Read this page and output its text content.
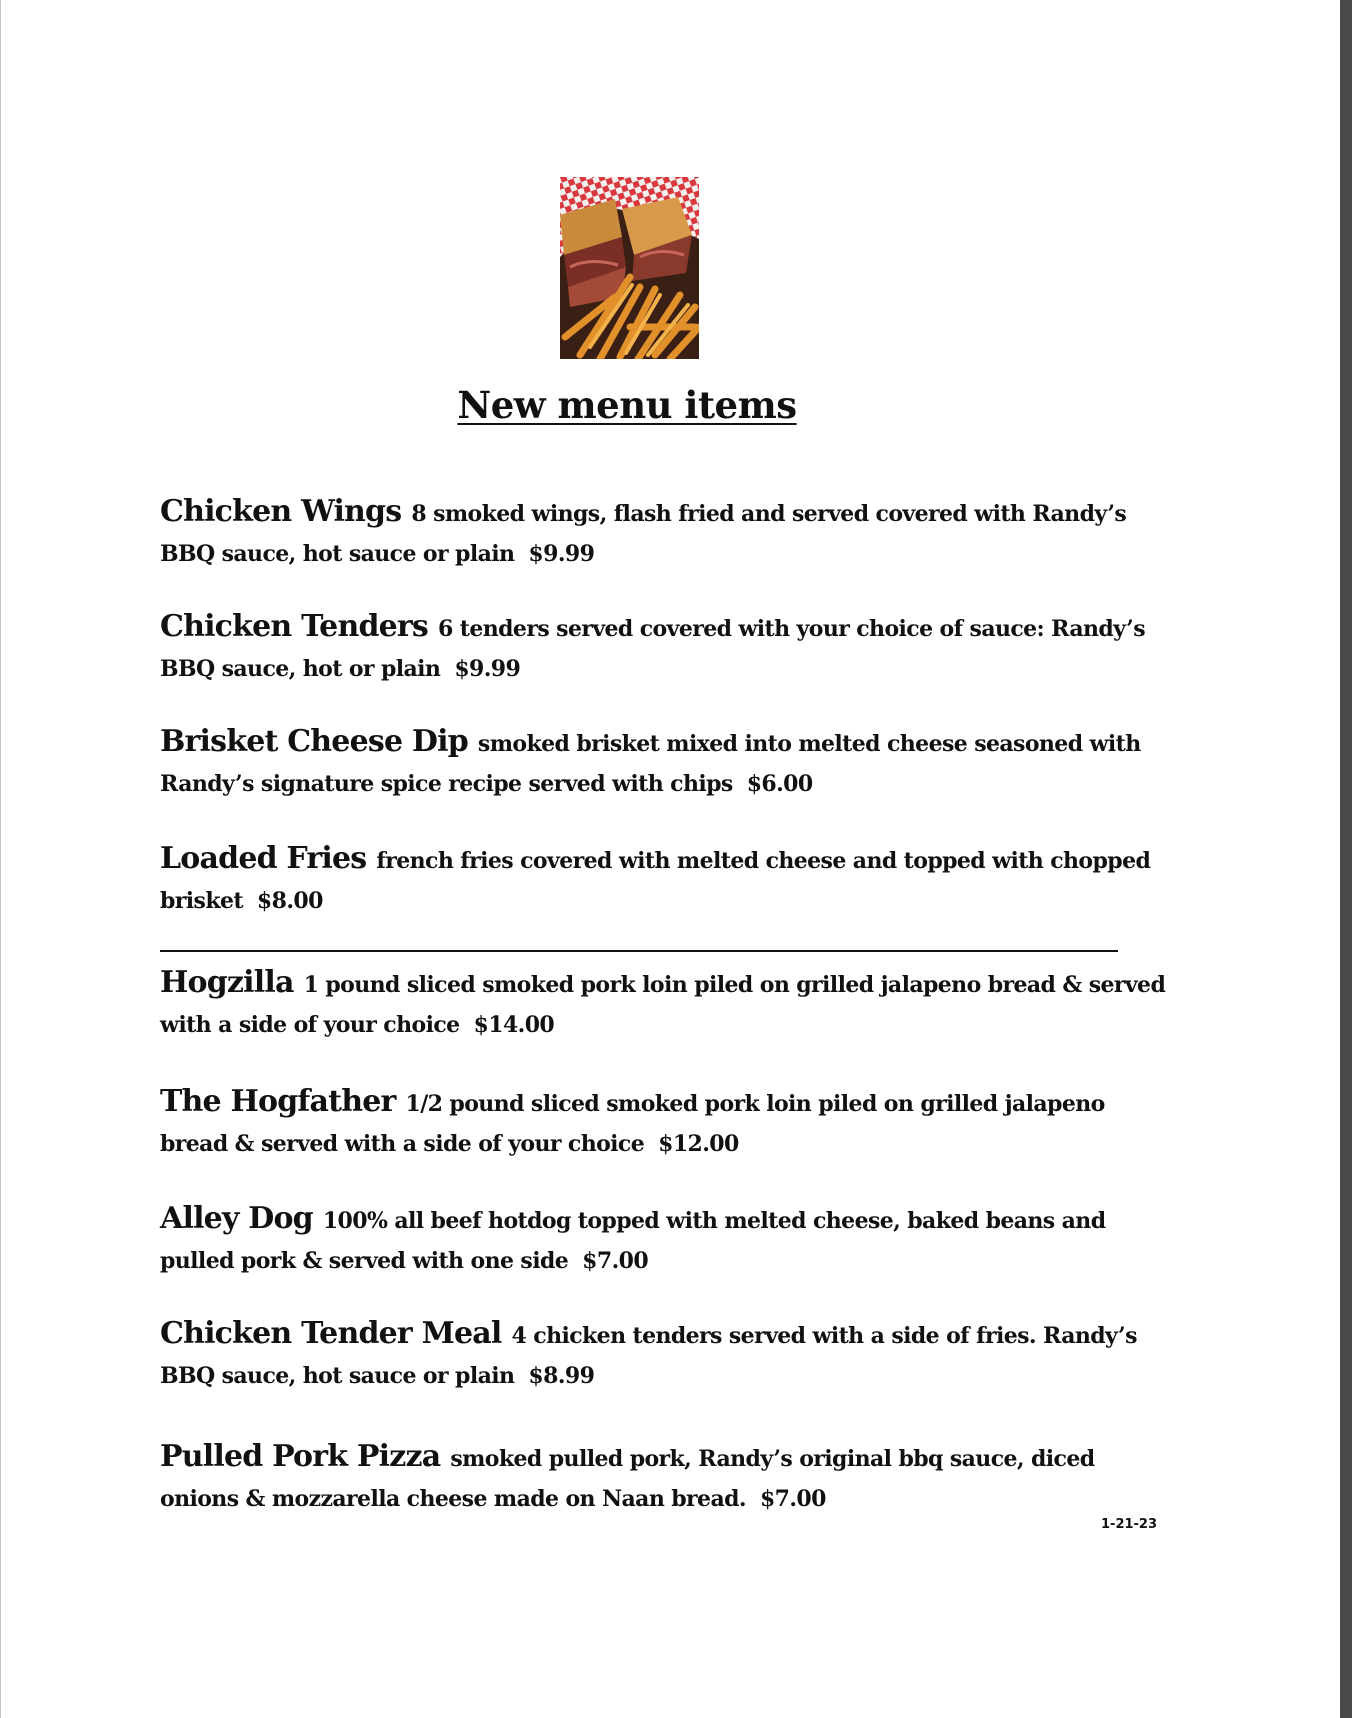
New menu items
Chicken Wings 8 smoked wings, flash fried and served covered with Randy’s BBQ sauce, hot sauce or plain $9.99
Chicken Tenders 6 tenders served covered with your choice of sauce: Randy’s BBQ sauce, hot or plain $9.99
Brisket Cheese Dip smoked brisket mixed into melted cheese seasoned with Randy’s signature spice recipe served with chips $6.00
Loaded Fries french fries covered with melted cheese and topped with chopped brisket $8.00
Hogzilla 1 pound sliced smoked pork loin piled on grilled jalapeno bread & served with a side of your choice $14.00
The Hogfather 1/2 pound sliced smoked pork loin piled on grilled jalapeno bread & served with a side of your choice $12.00
Alley Dog 100% all beef hotdog topped with melted cheese, baked beans and pulled pork & served with one side $7.00
Chicken Tender Meal 4 chicken tenders served with a side of fries. Randy’s BBQ sauce, hot sauce or plain $8.99
Pulled Pork Pizza smoked pulled pork, Randy’s original bbq sauce, diced onions & mozzarella cheese made on Naan bread. $7.00
1-21-23
